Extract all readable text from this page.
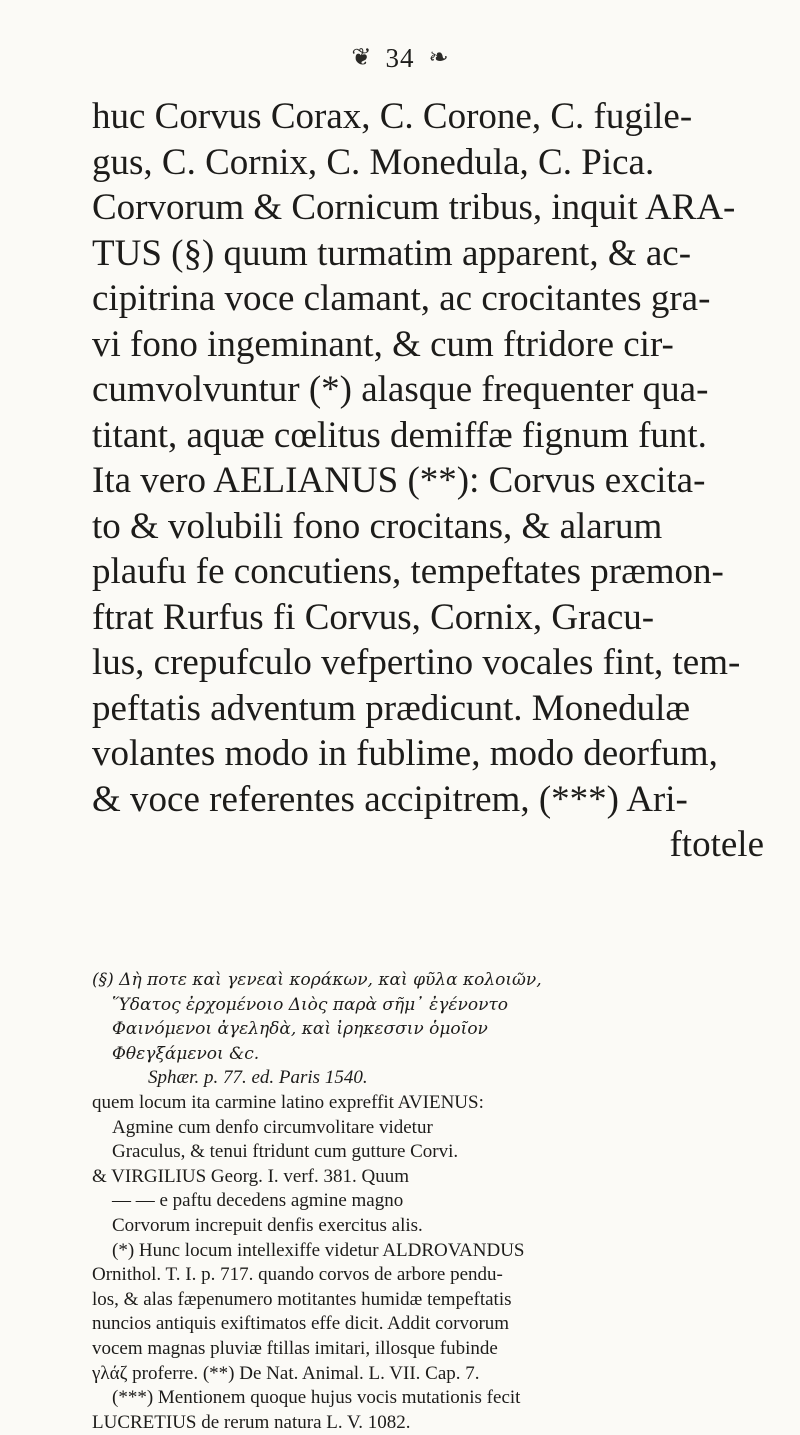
❦ 34 ❧
huc Corvus Corax, C. Corone, C. fugile-
gus, C. Cornix, C. Monedula, C. Pica.
Corvorum & Cornicum tribus, inquit ARA-
TUS (§) quum turmatim apparent, & ac-
cipitrina voce clamant, ac crocitantes gra-
vi fono ingeminant, & cum ftridore cir-
cumvolvuntur (*) alasque frequenter qua-
titant, aquæ cœlitus demiffæ fignum funt.
Ita vero AELIANUS (**): Corvus excita-
to & volubili fono crocitans, & alarum
plaufu fe concutiens, tempeftates præmon-
ftrat Rurfus fi Corvus, Cornix, Gracu-
lus, crepufculo vefpertino vocales fint, tem-
peftatis adventum prædicunt. Monedulæ
volantes modo in fublime, modo deorfum,
& voce referentes accipitrem, (***) Ari-
ftotele
(§) Δὴ ποτε καὶ γενεαὶ κοράκων, καὶ φῦλα κολοιῶν,
Ὕδατος ἐρχομένοιο Διὸς παρὰ σῆμ᾽ ἐγένοντο
Φαινόμενοι ἀγεληδὰ, καὶ ἰρηκεσσιν ὁμοῖον
Φθεγξάμενοι &c.
Sphær. p. 77. ed. Paris 1540.
quem locum ita carmine latino expreffit AVIENUS:
Agmine cum denfo circumvolitare videtur
Graculus, & tenui ftridunt cum gutture Corvi.
& VIRGILIUS Georg. I. verf. 381. Quum
— — e paftu decedens agmine magno
Corvorum increpuit denfis exercitus alis.
(*) Hunc locum intellexiffe videtur ALDROVANDUS
Ornithol. T. I. p. 717. quando corvos de arbore pendu-
los, & alas fæpenumero motitantes humidæ tempeftatis
nuncios antiquis exiftimatos effe dicit. Addit corvorum
vocem magnas pluviæ ftillas imitari, illosque fubinde
γλάζ proferre. (**) De Nat. Animal. L. VII. Cap. 7.
(***) Mentionem quoque hujus vocis mutationis fecit
LUCRETIUS de rerum natura L. V. 1082.
